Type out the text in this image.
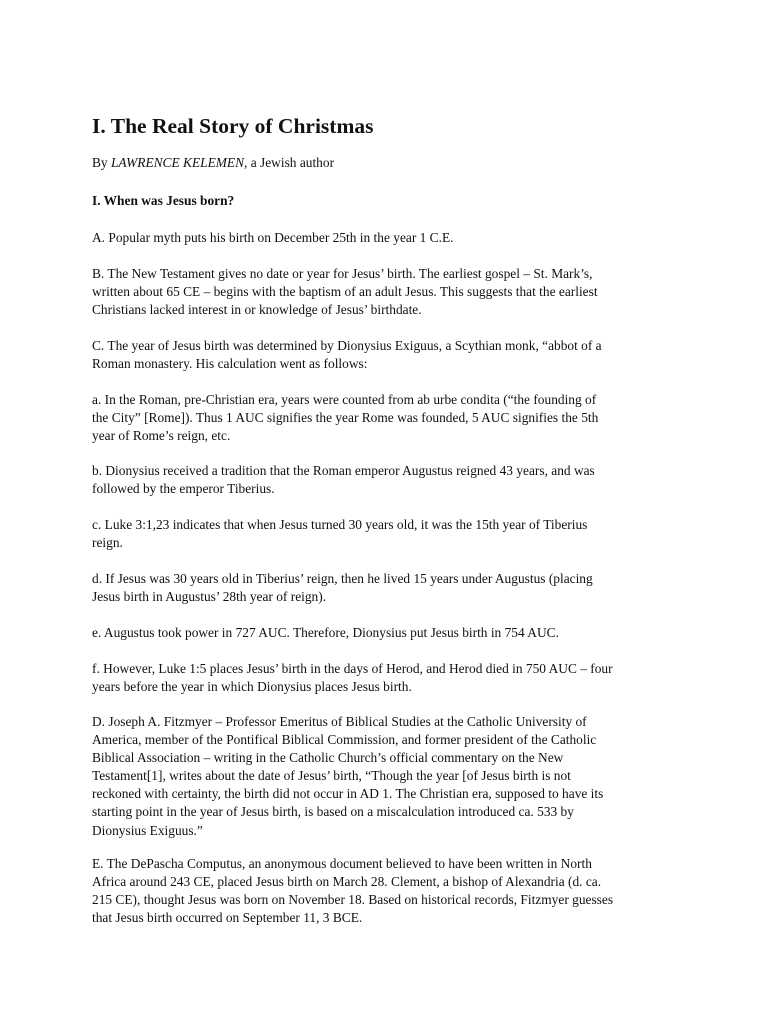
I. The Real Story of Christmas

By LAWRENCE KELEMEN, a Jewish author

I. When was Jesus born?

A. Popular myth puts his birth on December 25th in the year 1 C.E.

B. The New Testament gives no date or year for Jesus’ birth. The earliest gospel – St. Mark’s,
written about 65 CE – begins with the baptism of an adult Jesus. This suggests that the earliest
Christians lacked interest in or knowledge of Jesus’ birthdate.

C. The year of Jesus birth was determined by Dionysius Exiguus, a Scythian monk, “abbot of a
Roman monastery. His calculation went as follows:

a. In the Roman, pre-Christian era, years were counted from ab urbe condita (“the founding of
the City” [Rome]). Thus 1 AUC signifies the year Rome was founded, 5 AUC signifies the 5th
year of Rome’s reign, etc.

b. Dionysius received a tradition that the Roman emperor Augustus reigned 43 years, and was
followed by the emperor Tiberius.

c. Luke 3:1,23 indicates that when Jesus turned 30 years old, it was the 15th year of Tiberius
reign.

d. If Jesus was 30 years old in Tiberius’ reign, then he lived 15 years under Augustus (placing
Jesus birth in Augustus’ 28th year of reign).

e. Augustus took power in 727 AUC. Therefore, Dionysius put Jesus birth in 754 AUC.

f. However, Luke 1:5 places Jesus’ birth in the days of Herod, and Herod died in 750 AUC – four
years before the year in which Dionysius places Jesus birth.

D. Joseph A. Fitzmyer – Professor Emeritus of Biblical Studies at the Catholic University of
America, member of the Pontifical Biblical Commission, and former president of the Catholic
Biblical Association – writing in the Catholic Church’s official commentary on the New
Testament[1], writes about the date of Jesus’ birth, “Though the year [of Jesus birth is not
reckoned with certainty, the birth did not occur in AD 1. The Christian era, supposed to have its
starting point in the year of Jesus birth, is based on a miscalculation introduced ca. 533 by
Dionysius Exiguus.”

E. The DePascha Computus, an anonymous document believed to have been written in North
Africa around 243 CE, placed Jesus birth on March 28. Clement, a bishop of Alexandria (d. ca.
215 CE), thought Jesus was born on November 18. Based on historical records, Fitzmyer guesses
that Jesus birth occurred on September 11, 3 BCE.
